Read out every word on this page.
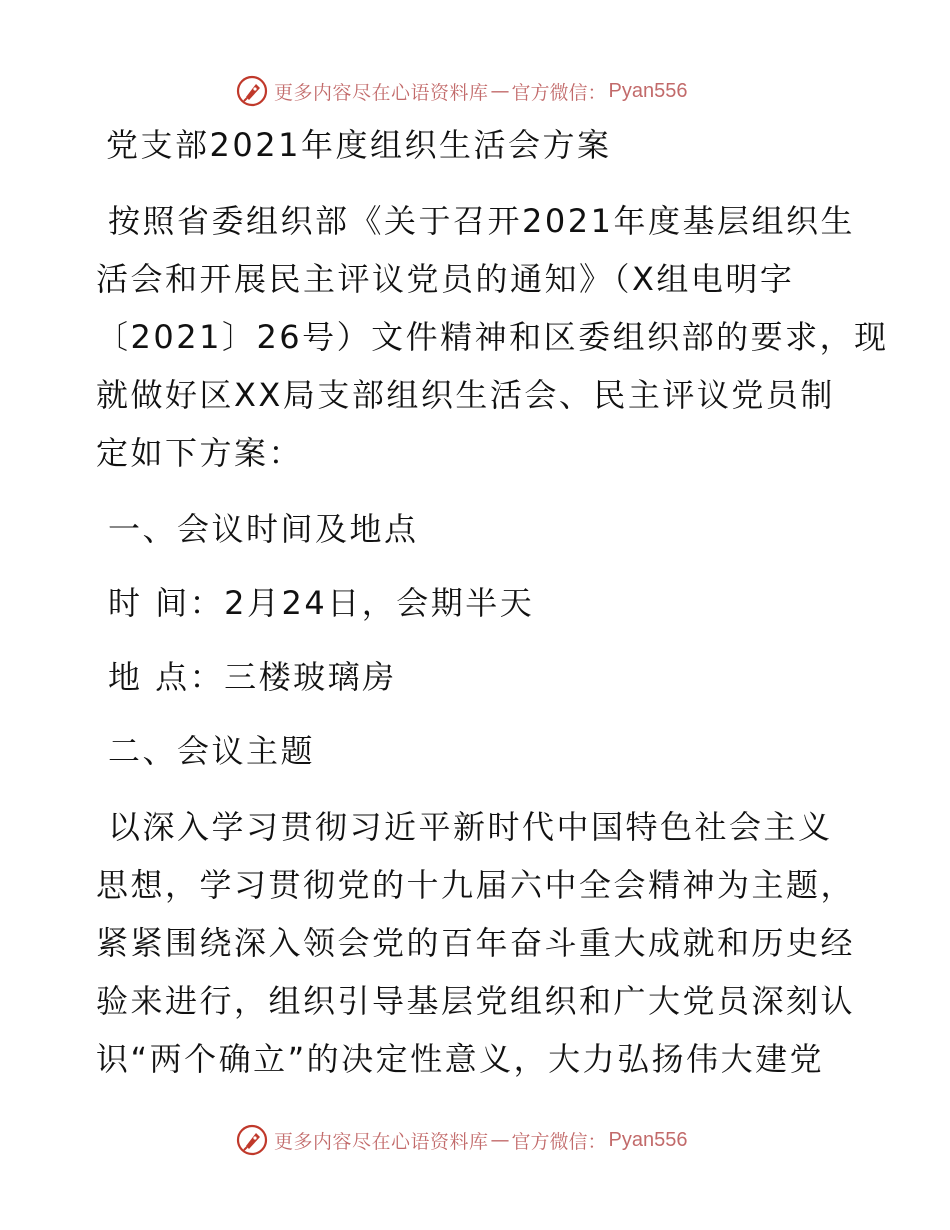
更多内容尽在心语资料库 — 官方微信： Pyan556
党支部2021年度组织生活会方案
按照省委组织部《关于召开2021年度基层组织生
活会和开展民主评议党员的通知》（X组电明字
〔2021〕26号）文件精神和区委组织部的要求，现
就做好区XX局支部组织生活会、民主评议党员制
定如下方案：
一、会议时间及地点
时 间：2月24日，会期半天
地 点：三楼玻璃房
二、会议主题
以深入学习贯彻习近平新时代中国特色社会主义
思想，学习贯彻党的十九届六中全会精神为主题，
紧紧围绕深入领会党的百年奋斗重大成就和历史经
验来进行，组织引导基层党组织和广大党员深刻认
识“两个确立”的决定性意义，大力弘扬伟大建党
更多内容尽在心语资料库 — 官方微信： Pyan556
